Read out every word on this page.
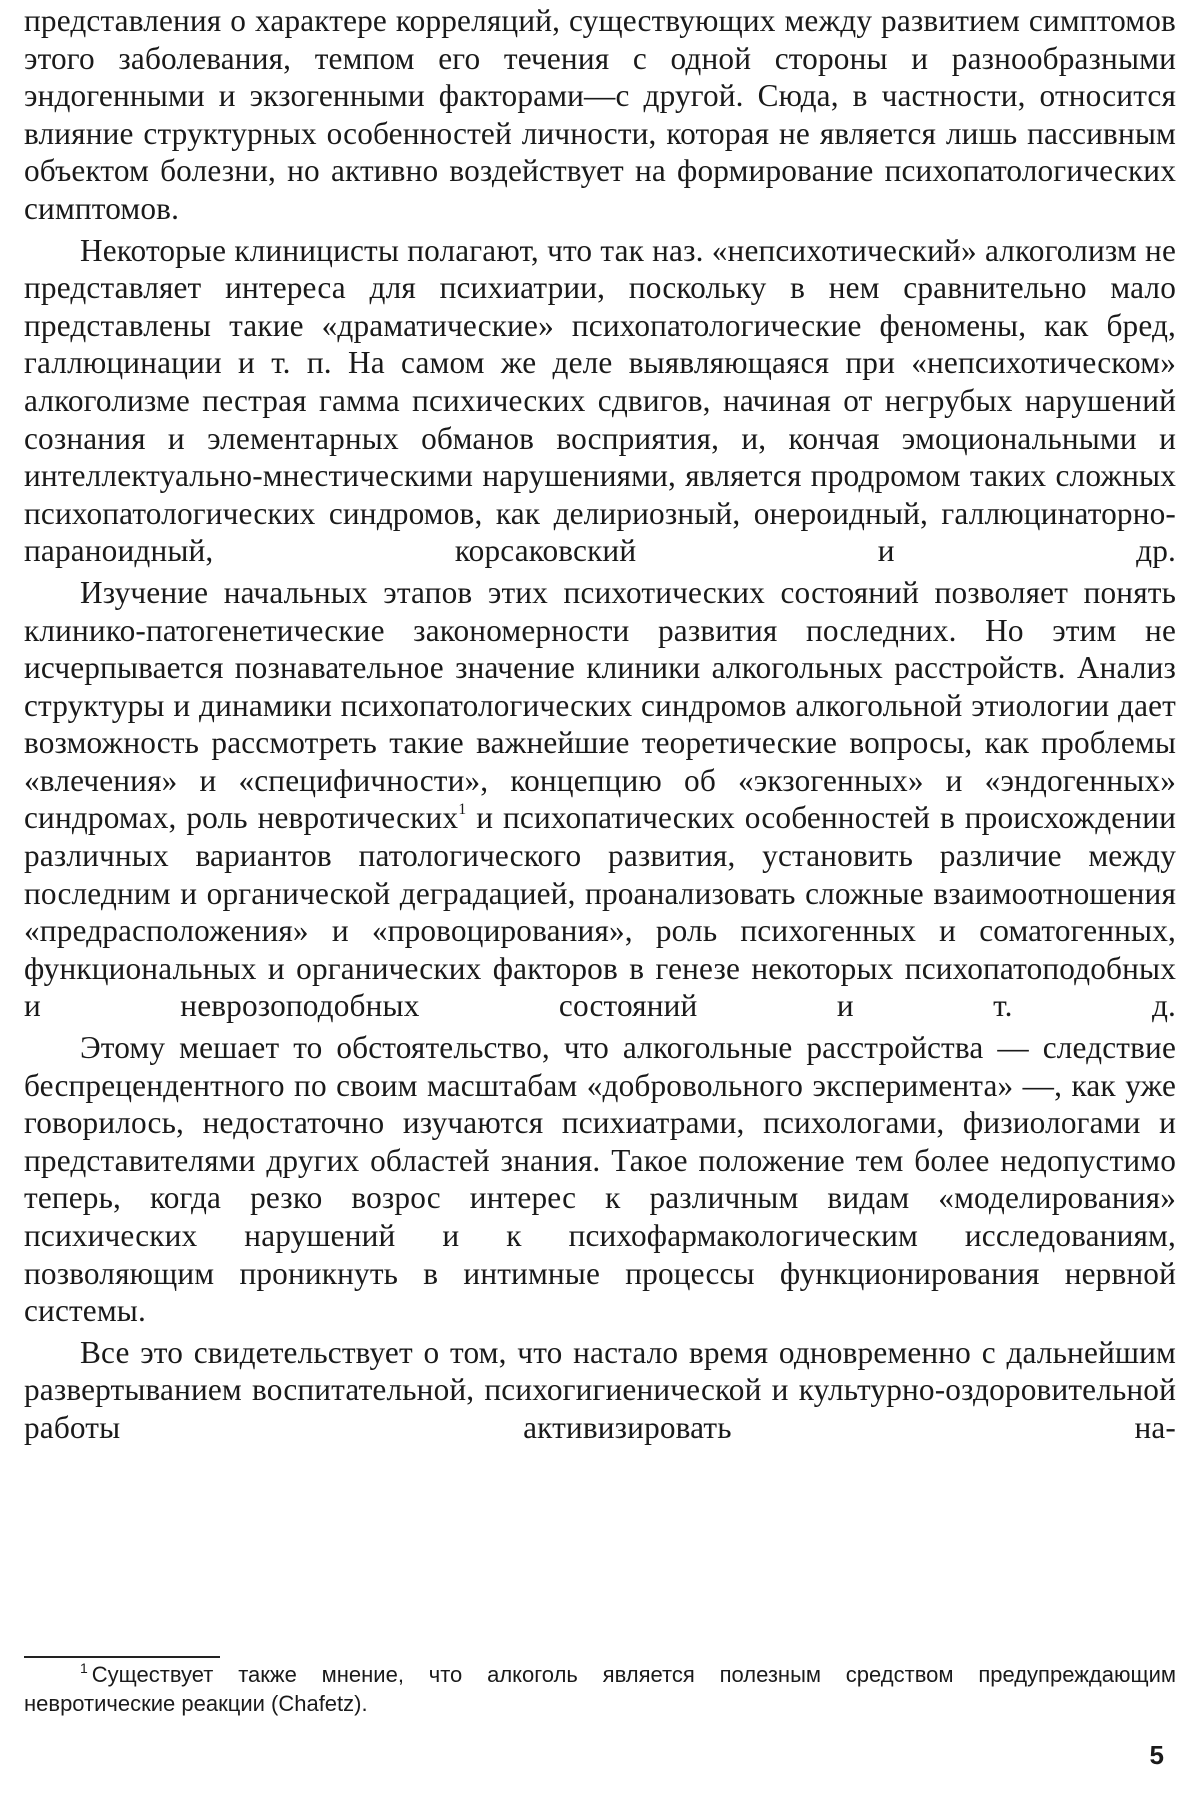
представления о характере корреляций, существующих между развитием симптомов этого заболевания, темпом его течения с одной стороны и разнообразными эндогенными и экзогенными факторами—с другой. Сюда, в частности, относится влияние структурных особенностей личности, которая не является лишь пассивным объектом болезни, но активно воздействует на формирование психопатологических симптомов.

Некоторые клиницисты полагают, что так наз. «непсихотический» алкоголизм не представляет интереса для психиатрии, поскольку в нем сравнительно мало представлены такие «драматические» психопатологические феномены, как бред, галлюцинации и т. п. На самом же деле выявляющаяся при «непсихотическом» алкоголизме пестрая гамма психических сдвигов, начиная от негрубых нарушений сознания и элементарных обманов восприятия, и, кончая эмоциональными и интеллектуально-мнестическими нарушениями, является продромом таких сложных психопатологических синдромов, как делириозный, онероидный, галлюцинаторно-параноидный, корсаковский и др.

Изучение начальных этапов этих психотических состояний позволяет понять клинико-патогенетические закономерности развития последних. Но этим не исчерпывается познавательное значение клиники алкогольных расстройств. Анализ структуры и динамики психопатологических синдромов алкогольной этиологии дает возможность рассмотреть такие важнейшие теоретические вопросы, как проблемы «влечения» и «специфичности», концепцию об «экзогенных» и «эндогенных» синдромах, роль невротических$^1$ и психопатических особенностей в происхождении различных вариантов патологического развития, установить различие между последним и органической деградацией, проанализовать сложные взаимоотношения «предрасположения» и «провоцирования», роль психогенных и соматогенных, функциональных и органических факторов в генезе некоторых психопатоподобных и неврозоподобных состояний и т. д.

Этому мешает то обстоятельство, что алкогольные расстройства — следствие беспрецендентного по своим масштабам «добровольного эксперимента» —, как уже говорилось, недостаточно изучаются психиатрами, психологами, физиологами и представителями других областей знания. Такое положение тем более недопустимо теперь, когда резко возрос интерес к различным видам «моделирования» психических нарушений и к психофармакологическим исследованиям, позволяющим проникнуть в интимные процессы функционирования нервной системы.

Все это свидетельствует о том, что настало время одновременно с дальнейшим развертыванием воспитательной, психогигиенической и культурно-оздоровительной работы активизировать на-

$^1$ Существует также мнение, что алкоголь является полезным средством предупреждающим невротические реакции (Chafetz).

5
